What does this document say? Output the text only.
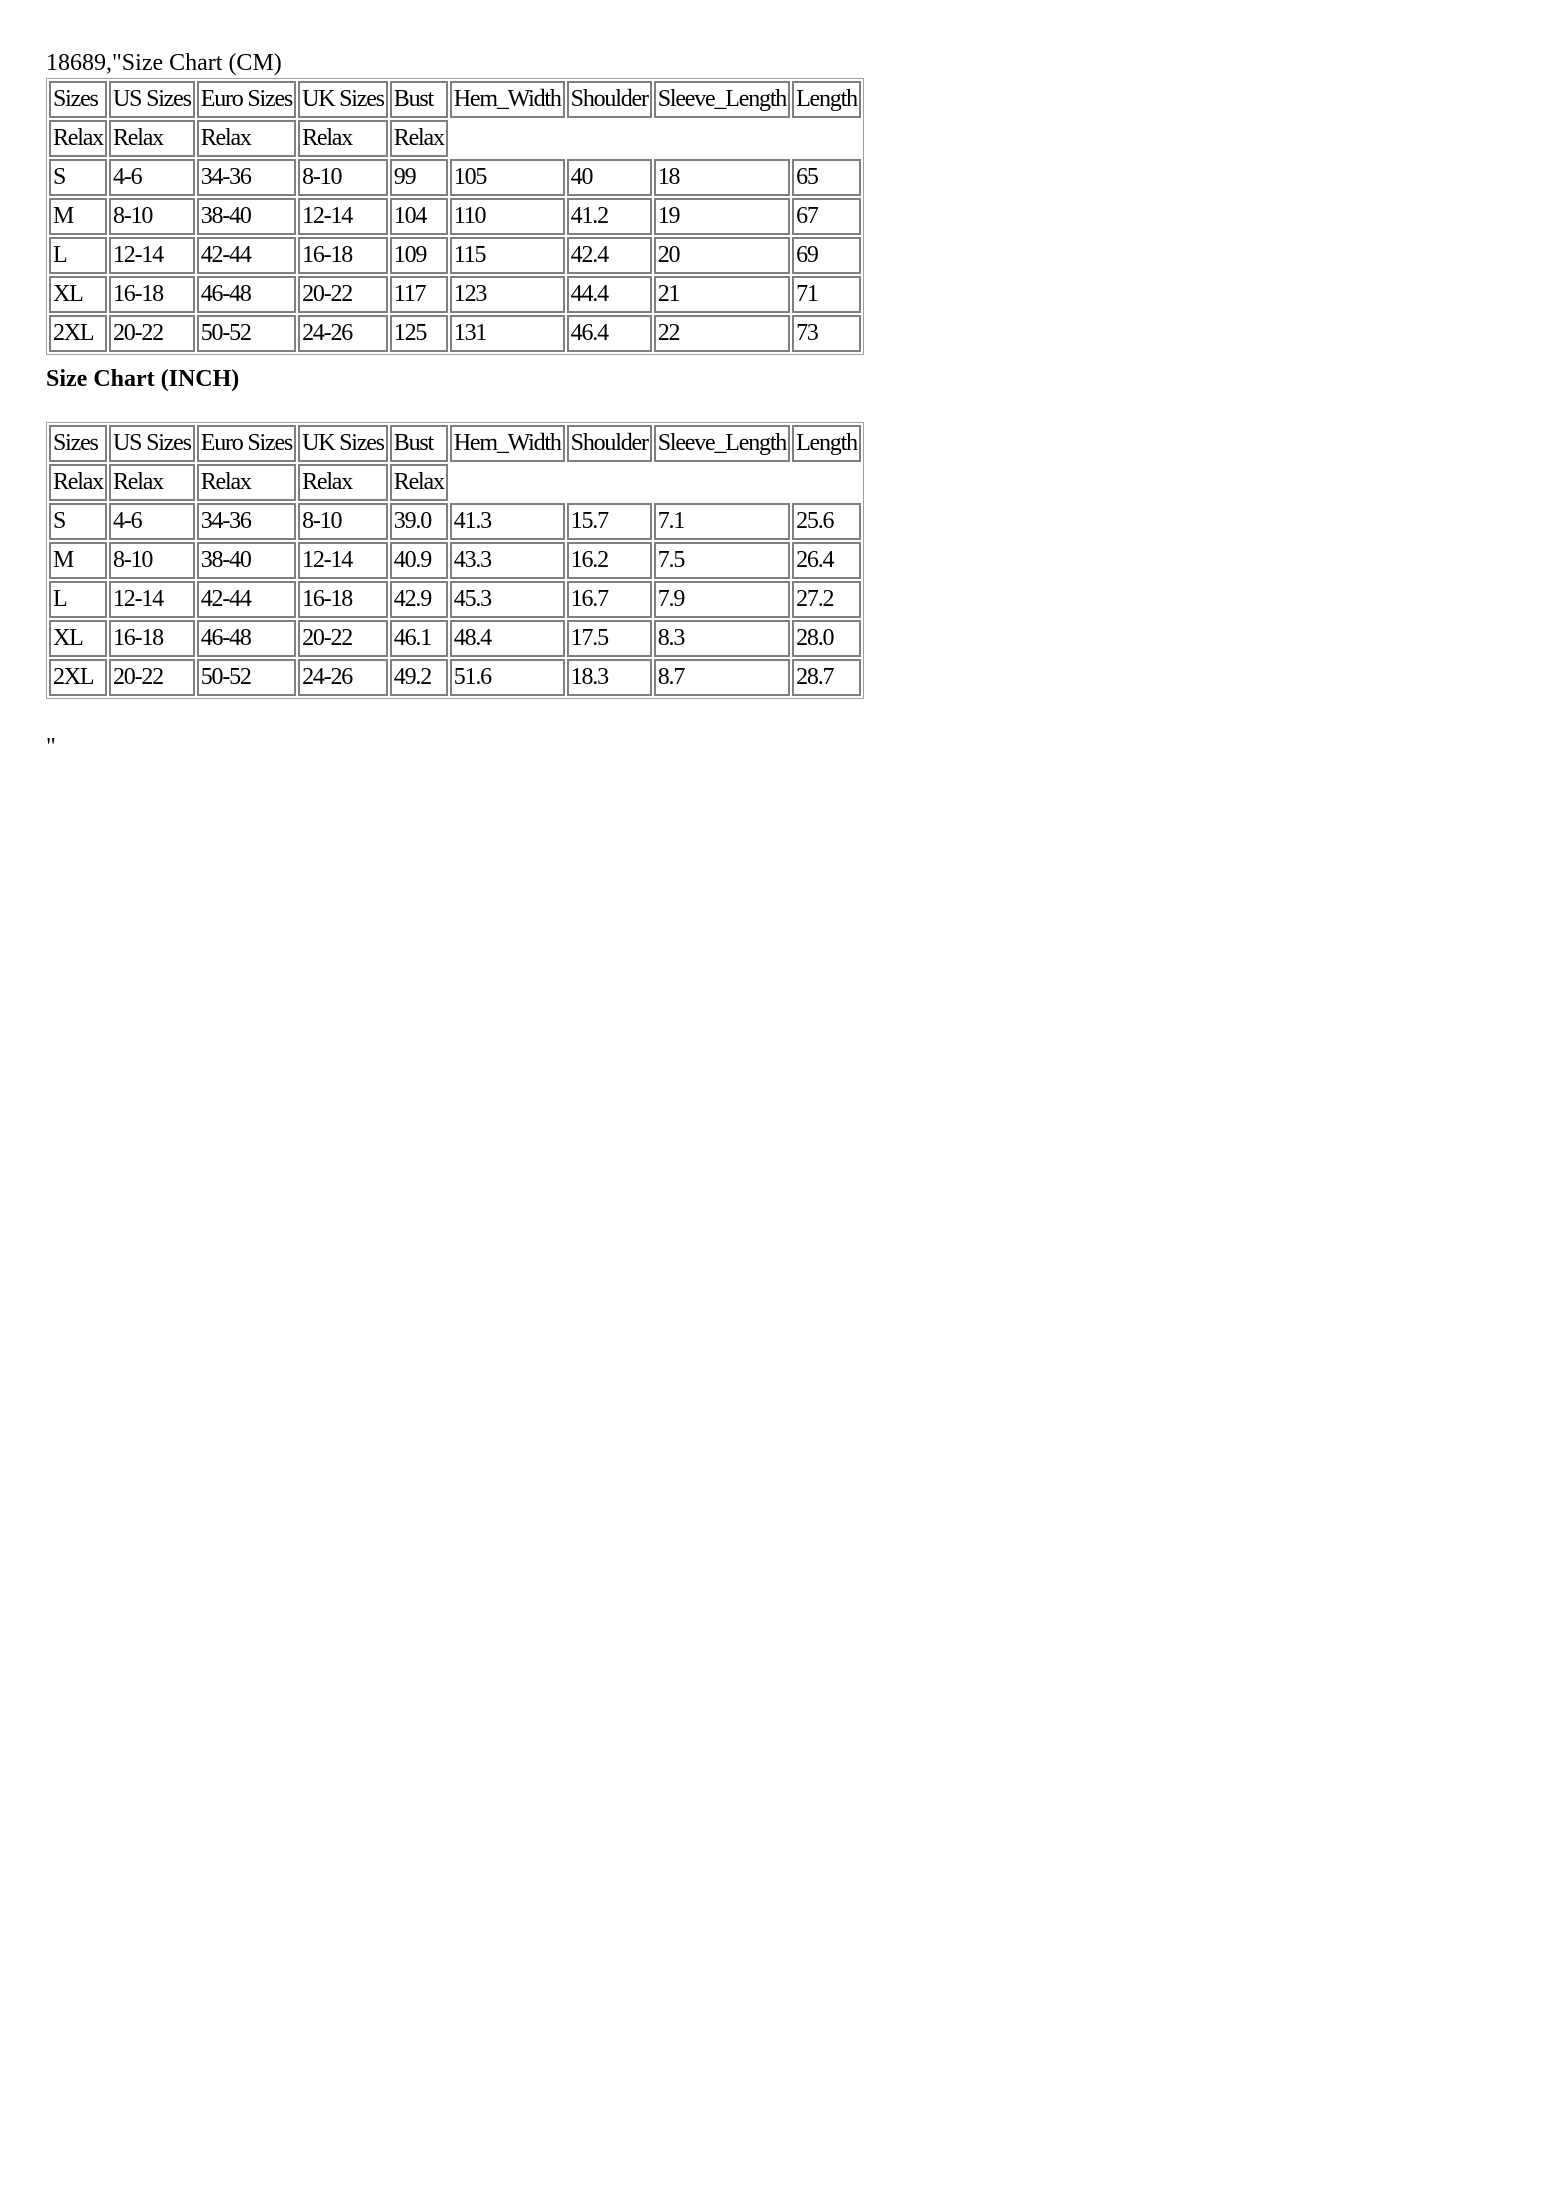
18689,"Size Chart (CM)
Sizes	US Sizes	Euro Sizes	UK Sizes	Bust	Hem_Width	Shoulder	Sleeve_Length	Length
Relax	Relax	Relax	Relax	Relax				
S	4-6	34-36	8-10	99	105	40	18	65
M	8-10	38-40	12-14	104	110	41.2	19	67
L	12-14	42-44	16-18	109	115	42.4	20	69
XL	16-18	46-48	20-22	117	123	44.4	21	71
2XL	20-22	50-52	24-26	125	131	46.4	22	73
Size Chart (INCH)
Sizes	US Sizes	Euro Sizes	UK Sizes	Bust	Hem_Width	Shoulder	Sleeve_Length	Length
Relax	Relax	Relax	Relax	Relax				
S	4-6	34-36	8-10	39.0	41.3	15.7	7.1	25.6
M	8-10	38-40	12-14	40.9	43.3	16.2	7.5	26.4
L	12-14	42-44	16-18	42.9	45.3	16.7	7.9	27.2
XL	16-18	46-48	20-22	46.1	48.4	17.5	8.3	28.0
2XL	20-22	50-52	24-26	49.2	51.6	18.3	8.7	28.7
"
